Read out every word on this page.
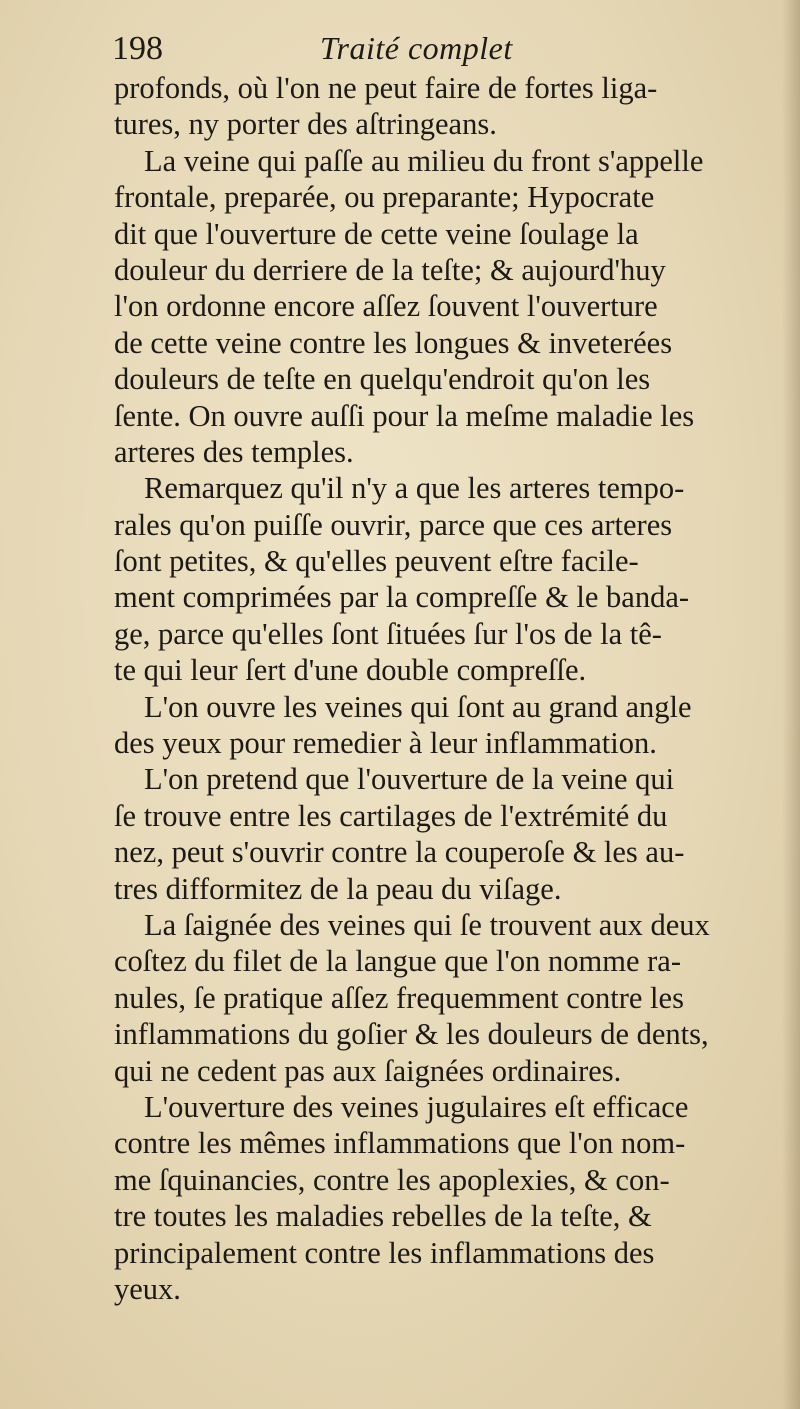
198	Traité complet
profonds, où l'on ne peut faire de fortes liga-
tures, ny porter des aſtringeans.
La veine qui paſſe au milieu du front s'appelle
frontale, preparée, ou preparante; Hypocrate
dit que l'ouverture de cette veine ſoulage la
douleur du derriere de la teſte; & aujourd'huy
l'on ordonne encore aſſez ſouvent l'ouverture
de cette veine contre les longues & inveterées
douleurs de teſte en quelqu'endroit qu'on les
ſente. On ouvre auſſi pour la meſme maladie les
arteres des temples.
Remarquez qu'il n'y a que les arteres tempo-
rales qu'on puiſſe ouvrir, parce que ces arteres
ſont petites, & qu'elles peuvent eſtre facile-
ment comprimées par la compreſſe & le banda-
ge, parce qu'elles ſont ſituées ſur l'os de la tê-
te qui leur ſert d'une double compreſſe.
L'on ouvre les veines qui ſont au grand angle
des yeux pour remedier à leur inflammation.
L'on pretend que l'ouverture de la veine qui
ſe trouve entre les cartilages de l'extrémité du
nez, peut s'ouvrir contre la couperoſe & les au-
tres difformitez de la peau du viſage.
La ſaignée des veines qui ſe trouvent aux deux
coſtez du filet de la langue que l'on nomme ra-
nules, ſe pratique aſſez frequemment contre les
inflammations du goſier & les douleurs de dents,
qui ne cedent pas aux ſaignées ordinaires.
L'ouverture des veines jugulaires eſt efficace
contre les mêmes inflammations que l'on nom-
me ſquinancies, contre les apoplexies, & con-
tre toutes les maladies rebelles de la teſte, &
principalement contre les inflammations des
yeux.
